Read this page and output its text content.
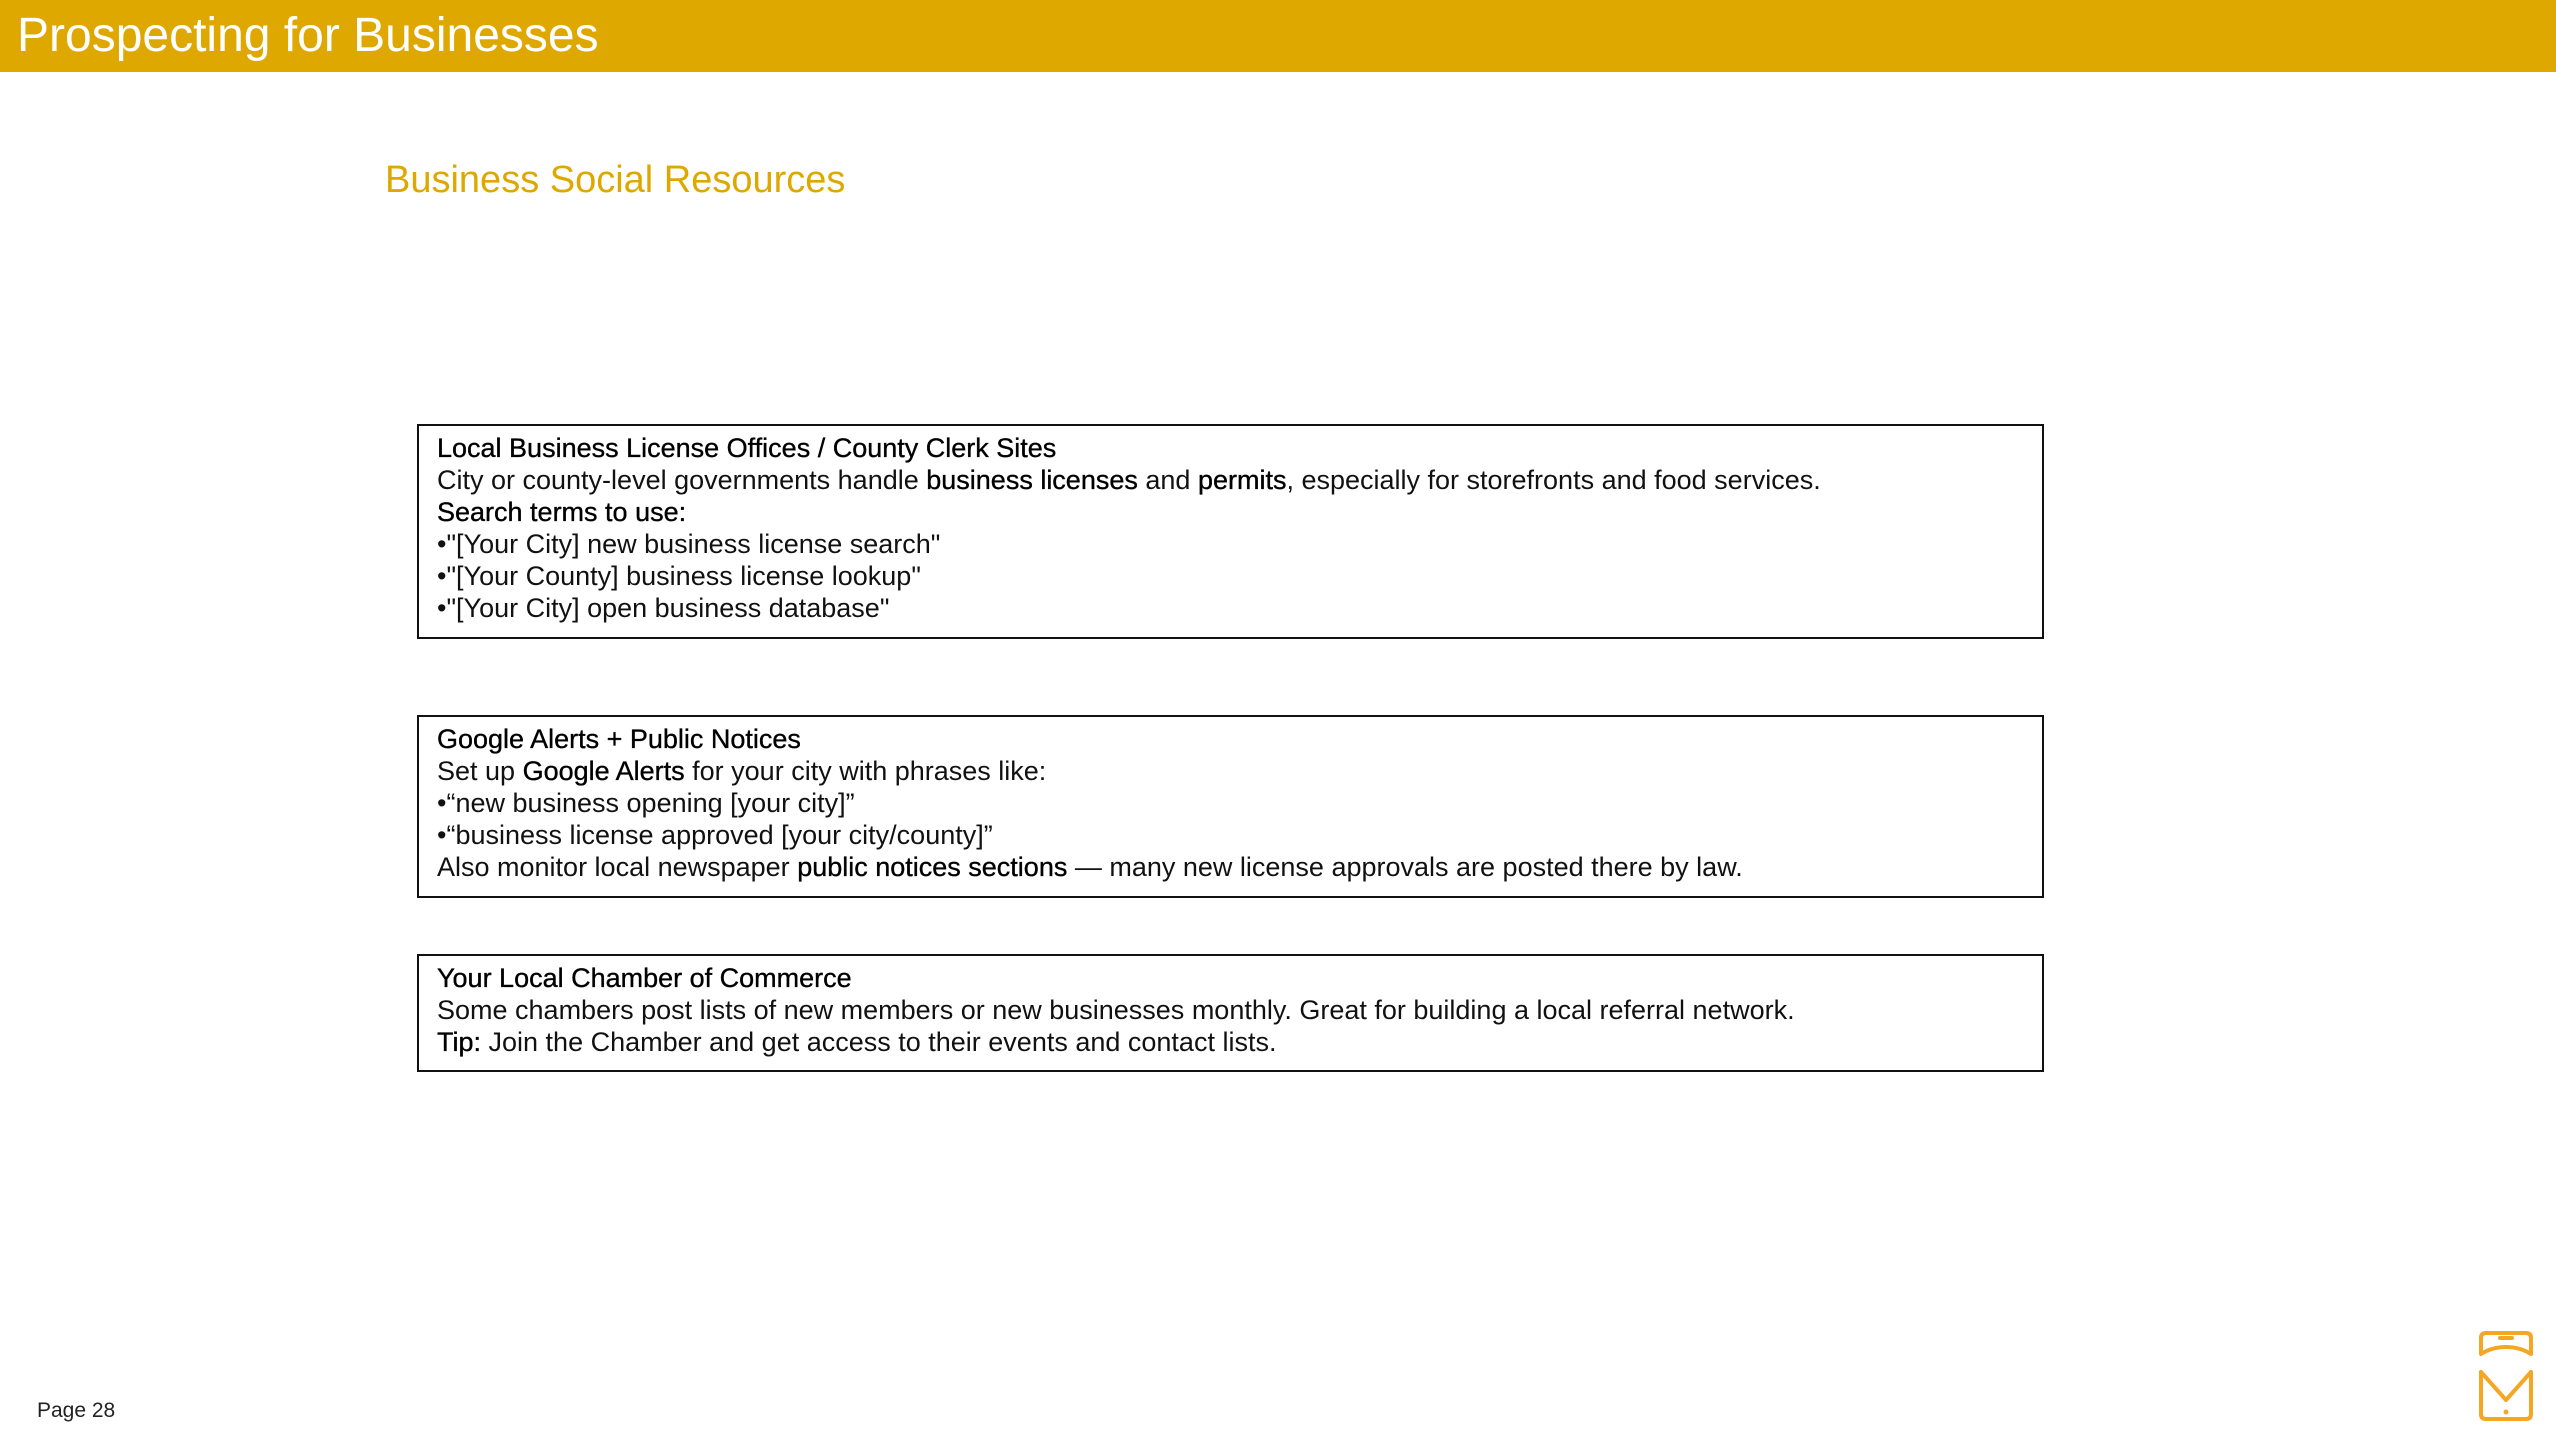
Prospecting for Businesses
Business Social Resources
Local Business License Offices / County Clerk Sites
City or county-level governments handle business licenses and permits, especially for storefronts and food services.
Search terms to use:
•"[Your City] new business license search"
•"[Your County] business license lookup"
•"[Your City] open business database"
Google Alerts + Public Notices
Set up Google Alerts for your city with phrases like:
•“new business opening [your city]”
•“business license approved [your city/county]”
Also monitor local newspaper public notices sections — many new license approvals are posted there by law.
Your Local Chamber of Commerce
Some chambers post lists of new members or new businesses monthly. Great for building a local referral network.
Tip: Join the Chamber and get access to their events and contact lists.
Page 28
